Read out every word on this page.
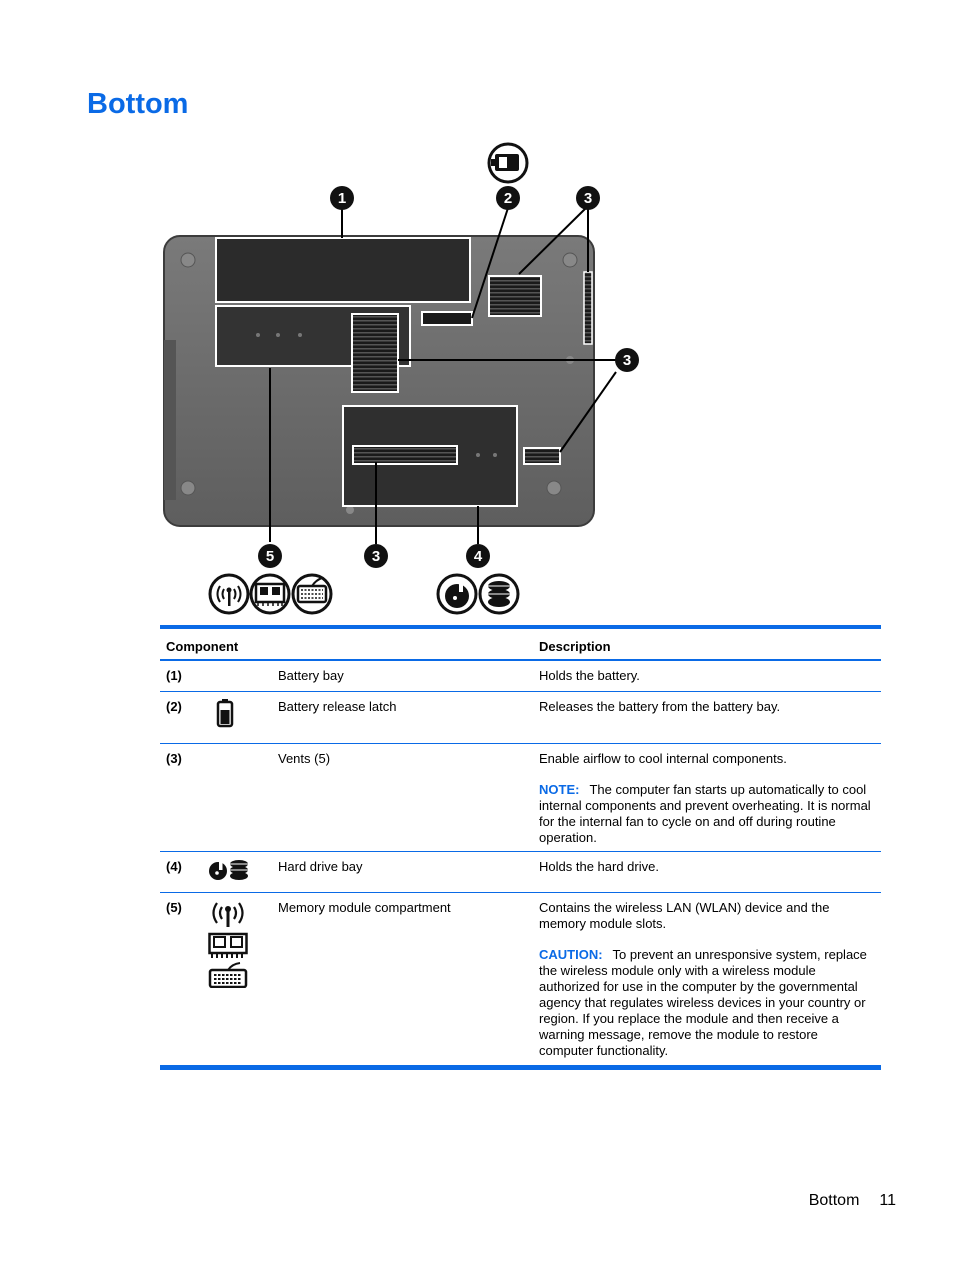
Bottom
1	2	3
3
3	4
5
Component	Description
(1)	Battery bay	Holds the battery.

(2)	Battery release latch	Releases the battery from the battery bay.

(3)	Vents (5)	Enable airflow to cool internal components.

NOTE: The computer fan starts up automatically to cool internal components and prevent overheating. It is normal for the internal fan to cycle on and off during routine operation.

(4)	Hard drive bay	Holds the hard drive.

(5)	Memory module compartment	Contains the wireless LAN (WLAN) device and the memory module slots.

CAUTION: To prevent an unresponsive system, replace the wireless module only with a wireless module authorized for use in the computer by the governmental agency that regulates wireless devices in your country or region. If you replace the module and then receive a warning message, remove the module to restore computer functionality.

Bottom 11
